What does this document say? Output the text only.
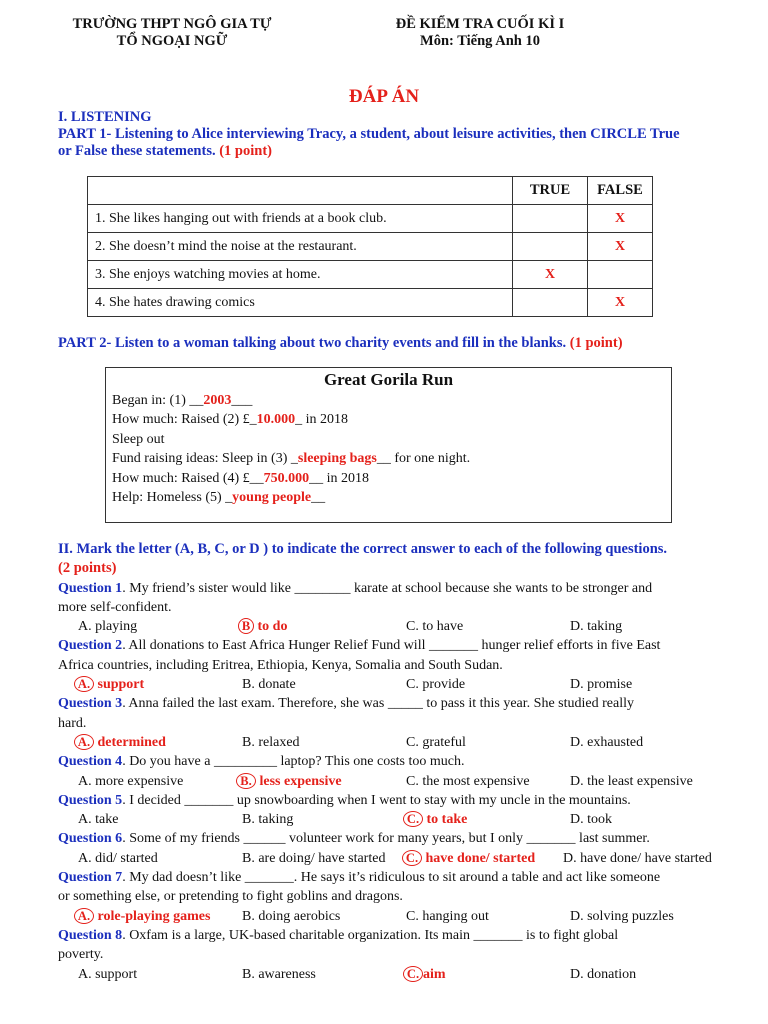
TRƯỜNG THPT NGÔ GIA TỰ
TỔ NGOẠI NGỮ
ĐỀ KIỂM TRA CUỐI KÌ I
Môn: Tiếng Anh 10
ĐÁP ÁN
I. LISTENING
PART 1- Listening to Alice interviewing Tracy, a student, about leisure activities, then CIRCLE True
or False these statements. (1 point)
	TRUE	FALSE
1. She likes hanging out with friends at a book club.		X
2. She doesn’t mind the noise at the restaurant.		X
3. She enjoys watching movies at home.	X	
4. She hates drawing comics		X
PART 2- Listen to a woman talking about two charity events and fill in the blanks. (1 point)
Great Gorila Run
Began in: (1) __2003___
How much: Raised (2) £_10.000_ in 2018
Sleep out
Fund raising ideas: Sleep in (3) _sleeping bags__ for one night.
How much: Raised (4) £__750.000__ in 2018
Help: Homeless (5) _young people__
II. Mark the letter (A, B, C, or D ) to indicate the correct answer to each of the following questions.
(2 points)
Question 1. My friend’s sister would like ________ karate at school because she wants to be stronger and
more self-confident.
A. playing	B to do	C. to have	D. taking
Question 2. All donations to East Africa Hunger Relief Fund will _______ hunger relief efforts in five East
Africa countries, including Eritrea, Ethiopia, Kenya, Somalia and South Sudan.
A. support	B. donate	C. provide	D. promise
Question 3. Anna failed the last exam. Therefore, she was _____ to pass it this year. She studied really
hard.
A. determined	B. relaxed	C. grateful	D. exhausted
Question 4. Do you have a _________ laptop? This one costs too much.
A. more expensive	B. less expensive	C. the most expensive	D. the least expensive
Question 5. I decided _______ up snowboarding when I went to stay with my uncle in the mountains.
A. take	B. taking	C. to take	D. took
Question 6. Some of my friends ______ volunteer work for many years, but I only _______ last summer.
A. did/ started	B. are doing/ have started	C. have done/ started D. have done/ have started
Question 7. My dad doesn’t like _______. He says it’s ridiculous to sit around a table and act like someone
or something else, or pretending to fight goblins and dragons.
A. role-playing games B. doing aerobics	C. hanging out	D. solving puzzles
Question 8. Oxfam is a large, UK-based charitable organization. Its main _______ is to fight global
poverty.
A. support	B. awareness	C. aim	D. donation
